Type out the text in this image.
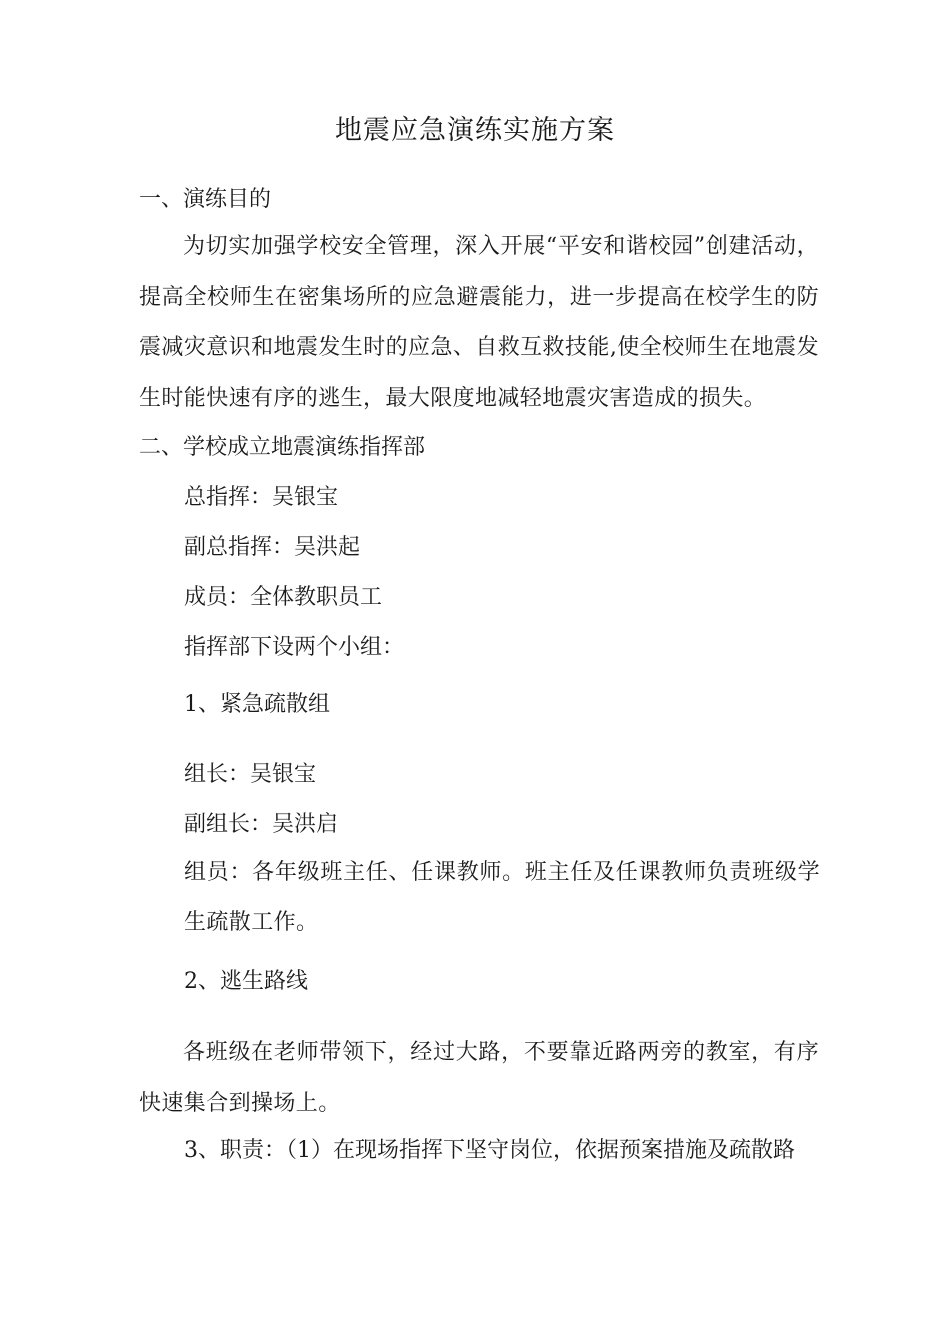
地震应急演练实施方案
一、演练目的
为切实加强学校安全管理，深入开展“平安和谐校园”创建活动，提高全校师生在密集场所的应急避震能力，进一步提高在校学生的防震减灾意识和地震发生时的应急、自救互救技能,使全校师生在地震发生时能快速有序的逃生，最大限度地减轻地震灾害造成的损失。
二、学校成立地震演练指挥部
总指挥：吴银宝
副总指挥：吴洪起
成员：全体教职员工
指挥部下设两个小组：
1、紧急疏散组
组长：吴银宝
副组长：吴洪启
组员：各年级班主任、任课教师。班主任及任课教师负责班级学生疏散工作。
2、逃生路线
各班级在老师带领下，经过大路，不要靠近路两旁的教室，有序快速集合到操场上。
3、职责：（1）在现场指挥下坚守岗位，依据预案措施及疏散路
